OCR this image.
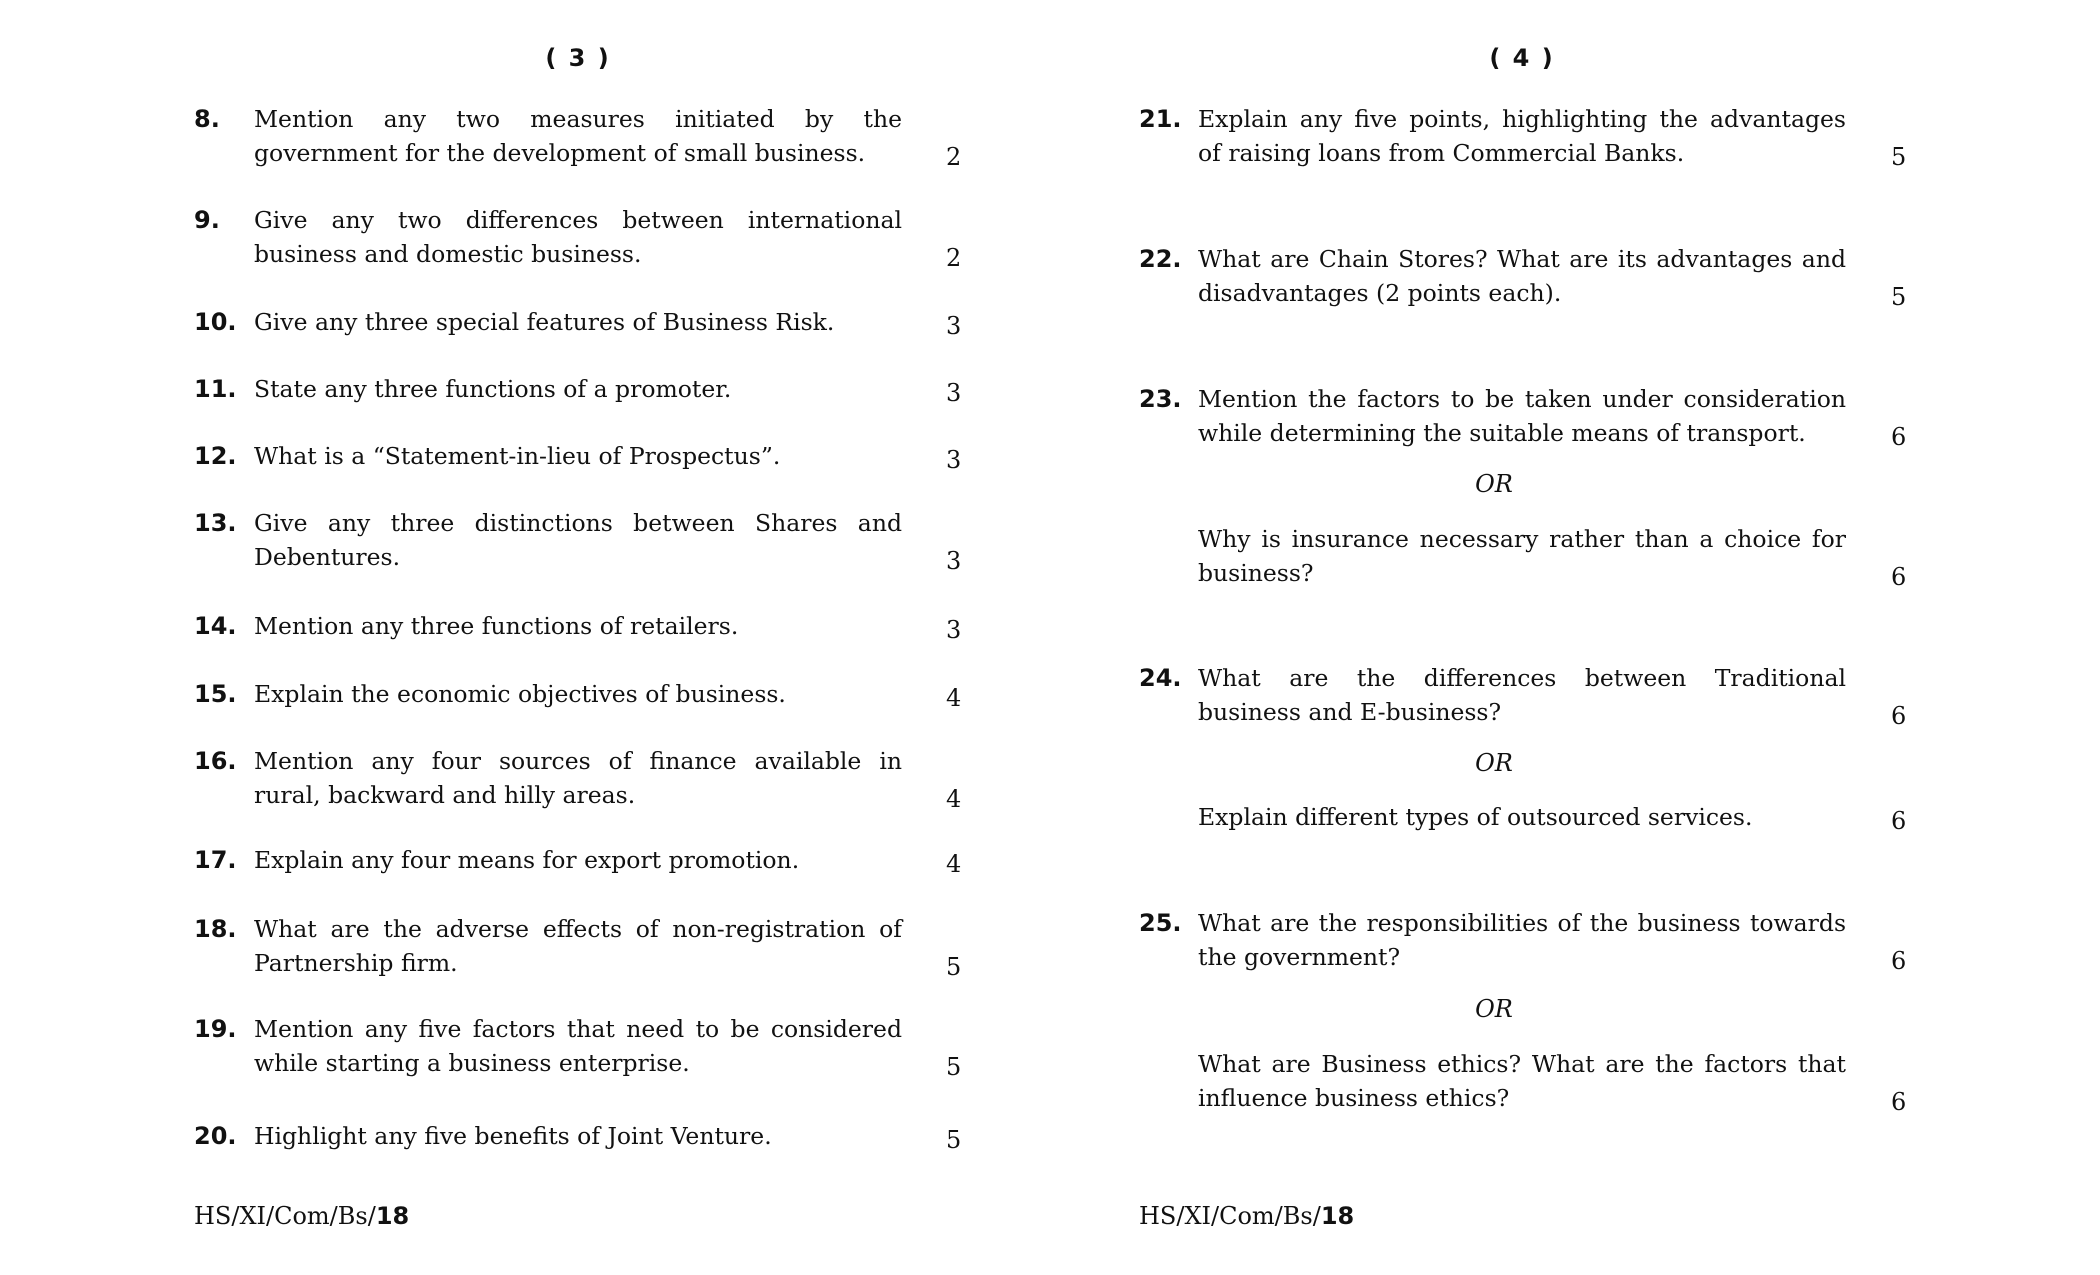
( 3 )	( 4 )
8. Mention any two measures initiated by the government for the development of small business.	2
9. Give any two differences between international business and domestic business.	2
10. Give any three special features of Business Risk.	3
11. State any three functions of a promoter.	3
12. What is a “Statement-in-lieu of Prospectus”.	3
13. Give any three distinctions between Shares and Debentures.	3
14. Mention any three functions of retailers.	3
15. Explain the economic objectives of business.	4
16. Mention any four sources of finance available in rural, backward and hilly areas.	4
17. Explain any four means for export promotion.	4
18. What are the adverse effects of non-registration of Partnership firm.	5
19. Mention any five factors that need to be considered while starting a business enterprise.	5
20. Highlight any five benefits of Joint Venture.	5
21. Explain any five points, highlighting the advantages of raising loans from Commercial Banks.	5
22. What are Chain Stores? What are its advantages and disadvantages (2 points each).	5
23. Mention the factors to be taken under consideration while determining the suitable means of transport.	6
Why is insurance necessary rather than a choice for business?	6
24. What are the differences between Traditional business and E-business?	6
Explain different types of outsourced services.	6
25. What are the responsibilities of the business towards the government?	6
What are Business ethics? What are the factors that influence business ethics?	6
OR
OR
OR
HS/XI/Com/Bs/18	HS/XI/Com/Bs/18
